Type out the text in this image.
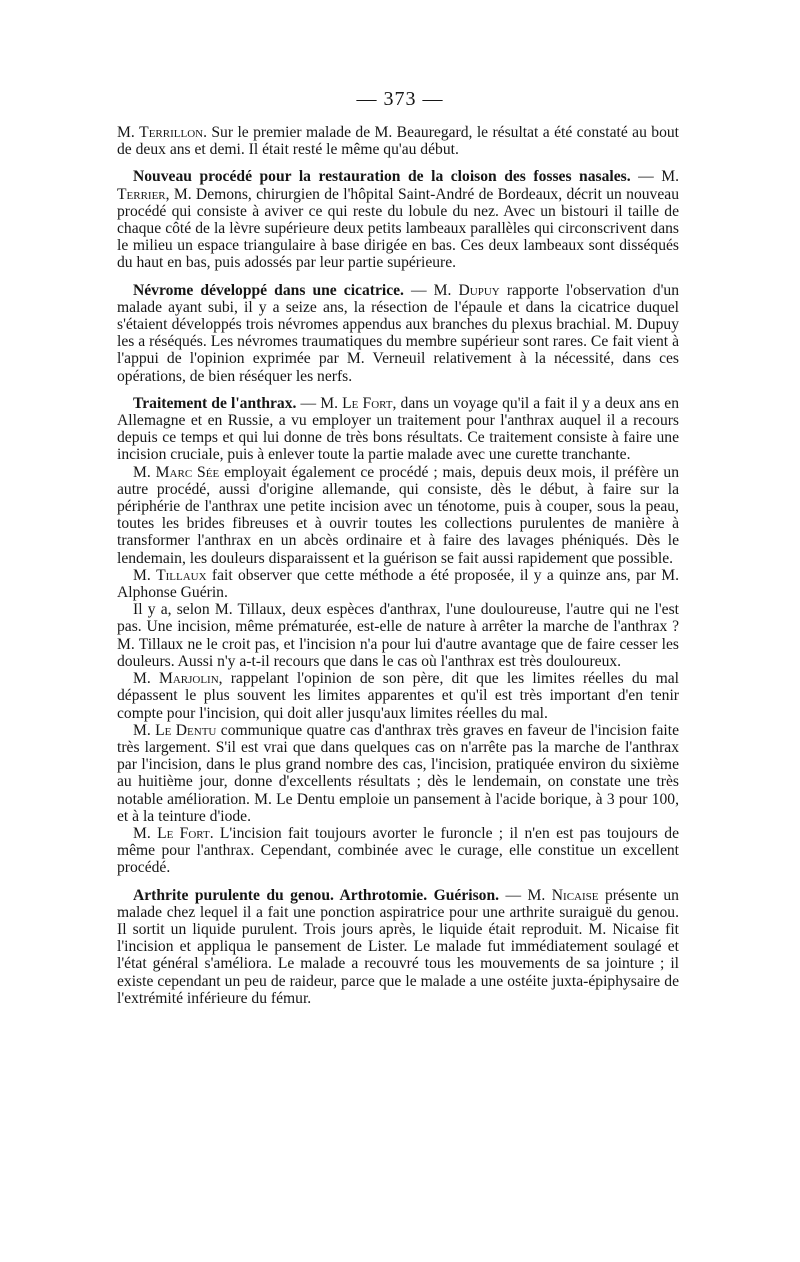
— 373 —

M. Terrillon. Sur le premier malade de M. Beauregard, le résultat a été constaté au bout de deux ans et demi. Il était resté le même qu'au début.

Nouveau procédé pour la restauration de la cloison des fosses nasales. — M. Terrier, M. Demons, chirurgien de l'hôpital Saint-André de Bordeaux, décrit un nouveau procédé qui consiste à aviver ce qui reste du lobule du nez. Avec un bistouri il taille de chaque côté de la lèvre supérieure deux petits lambeaux parallèles qui circonscrivent dans le milieu un espace triangulaire à base dirigée en bas. Ces deux lambeaux sont disséqués du haut en bas, puis adossés par leur partie supérieure.

Névrome développé dans une cicatrice. — M. Dupuy rapporte l'observation d'un malade ayant subi, il y a seize ans, la résection de l'épaule et dans la cicatrice duquel s'étaient développés trois névromes appendus aux branches du plexus brachial. M. Dupuy les a réséqués. Les névromes traumatiques du membre supérieur sont rares. Ce fait vient à l'appui de l'opinion exprimée par M. Verneuil relativement à la nécessité, dans ces opérations, de bien réséquer les nerfs.

Traitement de l'anthrax. — M. Le Fort, dans un voyage qu'il a fait il y a deux ans en Allemagne et en Russie, a vu employer un traitement pour l'anthrax auquel il a recours depuis ce temps et qui lui donne de très bons résultats. Ce traitement consiste à faire une incision cruciale, puis à enlever toute la partie malade avec une curette tranchante.

M. Marc Sée employait également ce procédé ; mais, depuis deux mois, il préfère un autre procédé, aussi d'origine allemande, qui consiste, dès le début, à faire sur la périphérie de l'anthrax une petite incision avec un ténotome, puis à couper, sous la peau, toutes les brides fibreuses et à ouvrir toutes les collections purulentes de manière à transformer l'anthrax en un abcès ordinaire et à faire des lavages phéniqués. Dès le lendemain, les douleurs disparaissent et la guérison se fait aussi rapidement que possible.

M. Tillaux fait observer que cette méthode a été proposée, il y a quinze ans, par M. Alphonse Guérin.

Il y a, selon M. Tillaux, deux espèces d'anthrax, l'une douloureuse, l'autre qui ne l'est pas. Une incision, même prématurée, est-elle de nature à arrêter la marche de l'anthrax ? M. Tillaux ne le croit pas, et l'incision n'a pour lui d'autre avantage que de faire cesser les douleurs. Aussi n'y a-t-il recours que dans le cas où l'anthrax est très douloureux.

M. Marjolin, rappelant l'opinion de son père, dit que les limites réelles du mal dépassent le plus souvent les limites apparentes et qu'il est très important d'en tenir compte pour l'incision, qui doit aller jusqu'aux limites réelles du mal.

M. Le Dentu communique quatre cas d'anthrax très graves en faveur de l'incision faite très largement. S'il est vrai que dans quelques cas on n'arrête pas la marche de l'anthrax par l'incision, dans le plus grand nombre des cas, l'incision, pratiquée environ du sixième au huitième jour, donne d'excellents résultats ; dès le lendemain, on constate une très notable amélioration. M. Le Dentu emploie un pansement à l'acide borique, à 3 pour 100, et à la teinture d'iode.

M. Le Fort. L'incision fait toujours avorter le furoncle ; il n'en est pas toujours de même pour l'anthrax. Cependant, combinée avec le curage, elle constitue un excellent procédé.

Arthrite purulente du genou. Arthrotomie. Guérison. — M. Nicaise présente un malade chez lequel il a fait une ponction aspiratrice pour une arthrite suraiguë du genou. Il sortit un liquide purulent. Trois jours après, le liquide était reproduit. M. Nicaise fit l'incision et appliqua le pansement de Lister. Le malade fut immédiatement soulagé et l'état général s'améliora. Le malade a recouvré tous les mouvements de sa jointure ; il existe cependant un peu de raideur, parce que le malade a une ostéite juxta-épiphysaire de l'extrémité inférieure du fémur.
